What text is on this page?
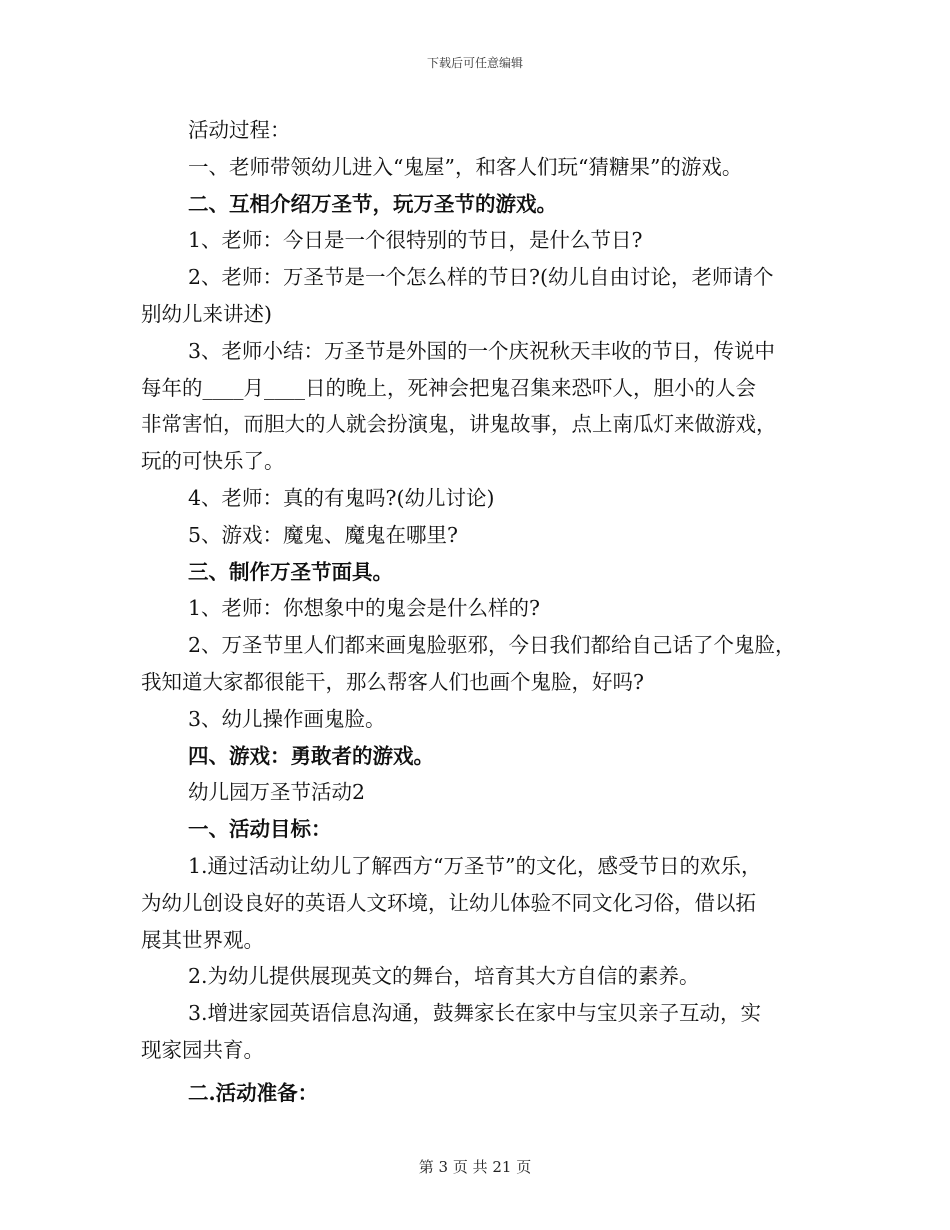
下载后可任意编辑
活动过程：
一、老师带领幼儿进入“鬼屋”，和客人们玩“猜糖果”的游戏。
二、互相介绍万圣节，玩万圣节的游戏。
1、老师：今日是一个很特别的节日，是什么节日?
2、老师：万圣节是一个怎么样的节日?(幼儿自由讨论，老师请个
别幼儿来讲述)
3、老师小结：万圣节是外国的一个庆祝秋天丰收的节日，传说中
每年的____月____日的晚上，死神会把鬼召集来恐吓人，胆小的人会
非常害怕，而胆大的人就会扮演鬼，讲鬼故事，点上南瓜灯来做游戏，
玩的可快乐了。
4、老师：真的有鬼吗?(幼儿讨论)
5、游戏：魔鬼、魔鬼在哪里?
三、制作万圣节面具。
1、老师：你想象中的鬼会是什么样的?
2、万圣节里人们都来画鬼脸驱邪，今日我们都给自己话了个鬼脸，
我知道大家都很能干，那么帮客人们也画个鬼脸，好吗?
3、幼儿操作画鬼脸。
四、游戏：勇敢者的游戏。
幼儿园万圣节活动2
一、活动目标：
1.通过活动让幼儿了解西方“万圣节”的文化，感受节日的欢乐，
为幼儿创设良好的英语人文环境，让幼儿体验不同文化习俗，借以拓
展其世界观。
2.为幼儿提供展现英文的舞台，培育其大方自信的素养。
3.增进家园英语信息沟通，鼓舞家长在家中与宝贝亲子互动，实
现家园共育。
二.活动准备：
第 3 页 共 21 页
